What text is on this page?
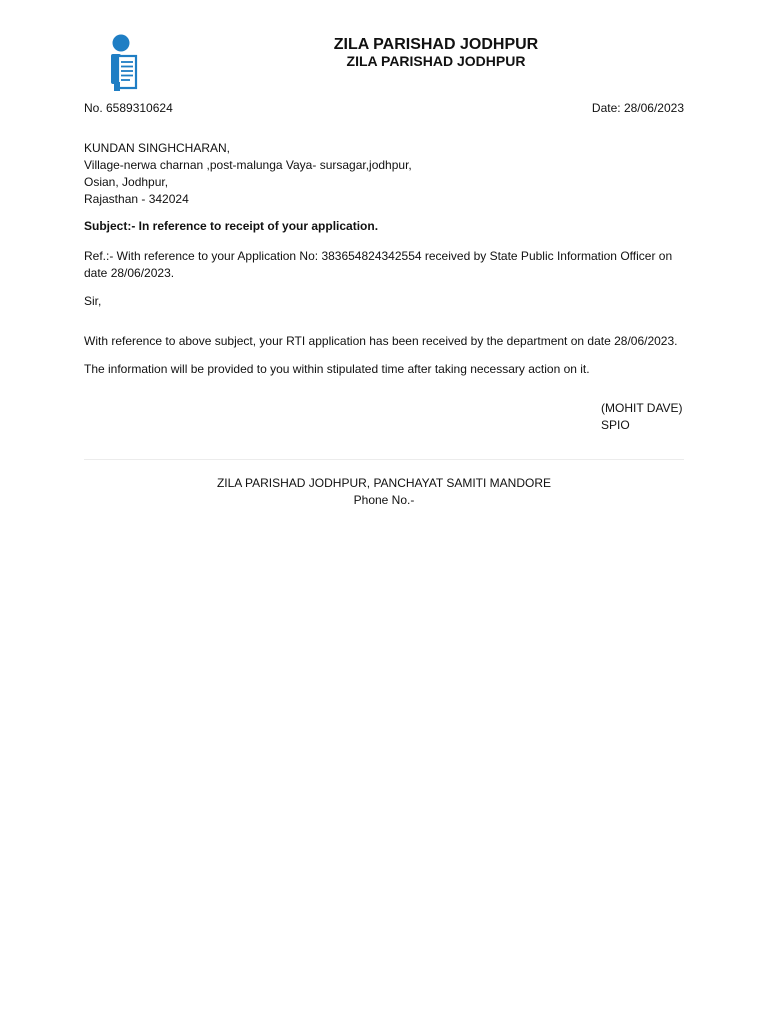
ZILA PARISHAD JODHPUR
ZILA PARISHAD JODHPUR
No. 6589310624	Date: 28/06/2023
KUNDAN SINGHCHARAN,
Village-nerwa charnan ,post-malunga Vaya- sursagar,jodhpur,
Osian, Jodhpur,
Rajasthan - 342024
Subject:- In reference to receipt of your application.
Ref.:- With reference to your Application No: 383654824342554 received by State Public Information Officer on date 28/06/2023.
Sir,
With reference to above subject, your RTI application has been received by the department on date 28/06/2023.
The information will be provided to you within stipulated time after taking necessary action on it.
(MOHIT DAVE)
SPIO
ZILA PARISHAD JODHPUR, PANCHAYAT SAMITI MANDORE
Phone No.-
